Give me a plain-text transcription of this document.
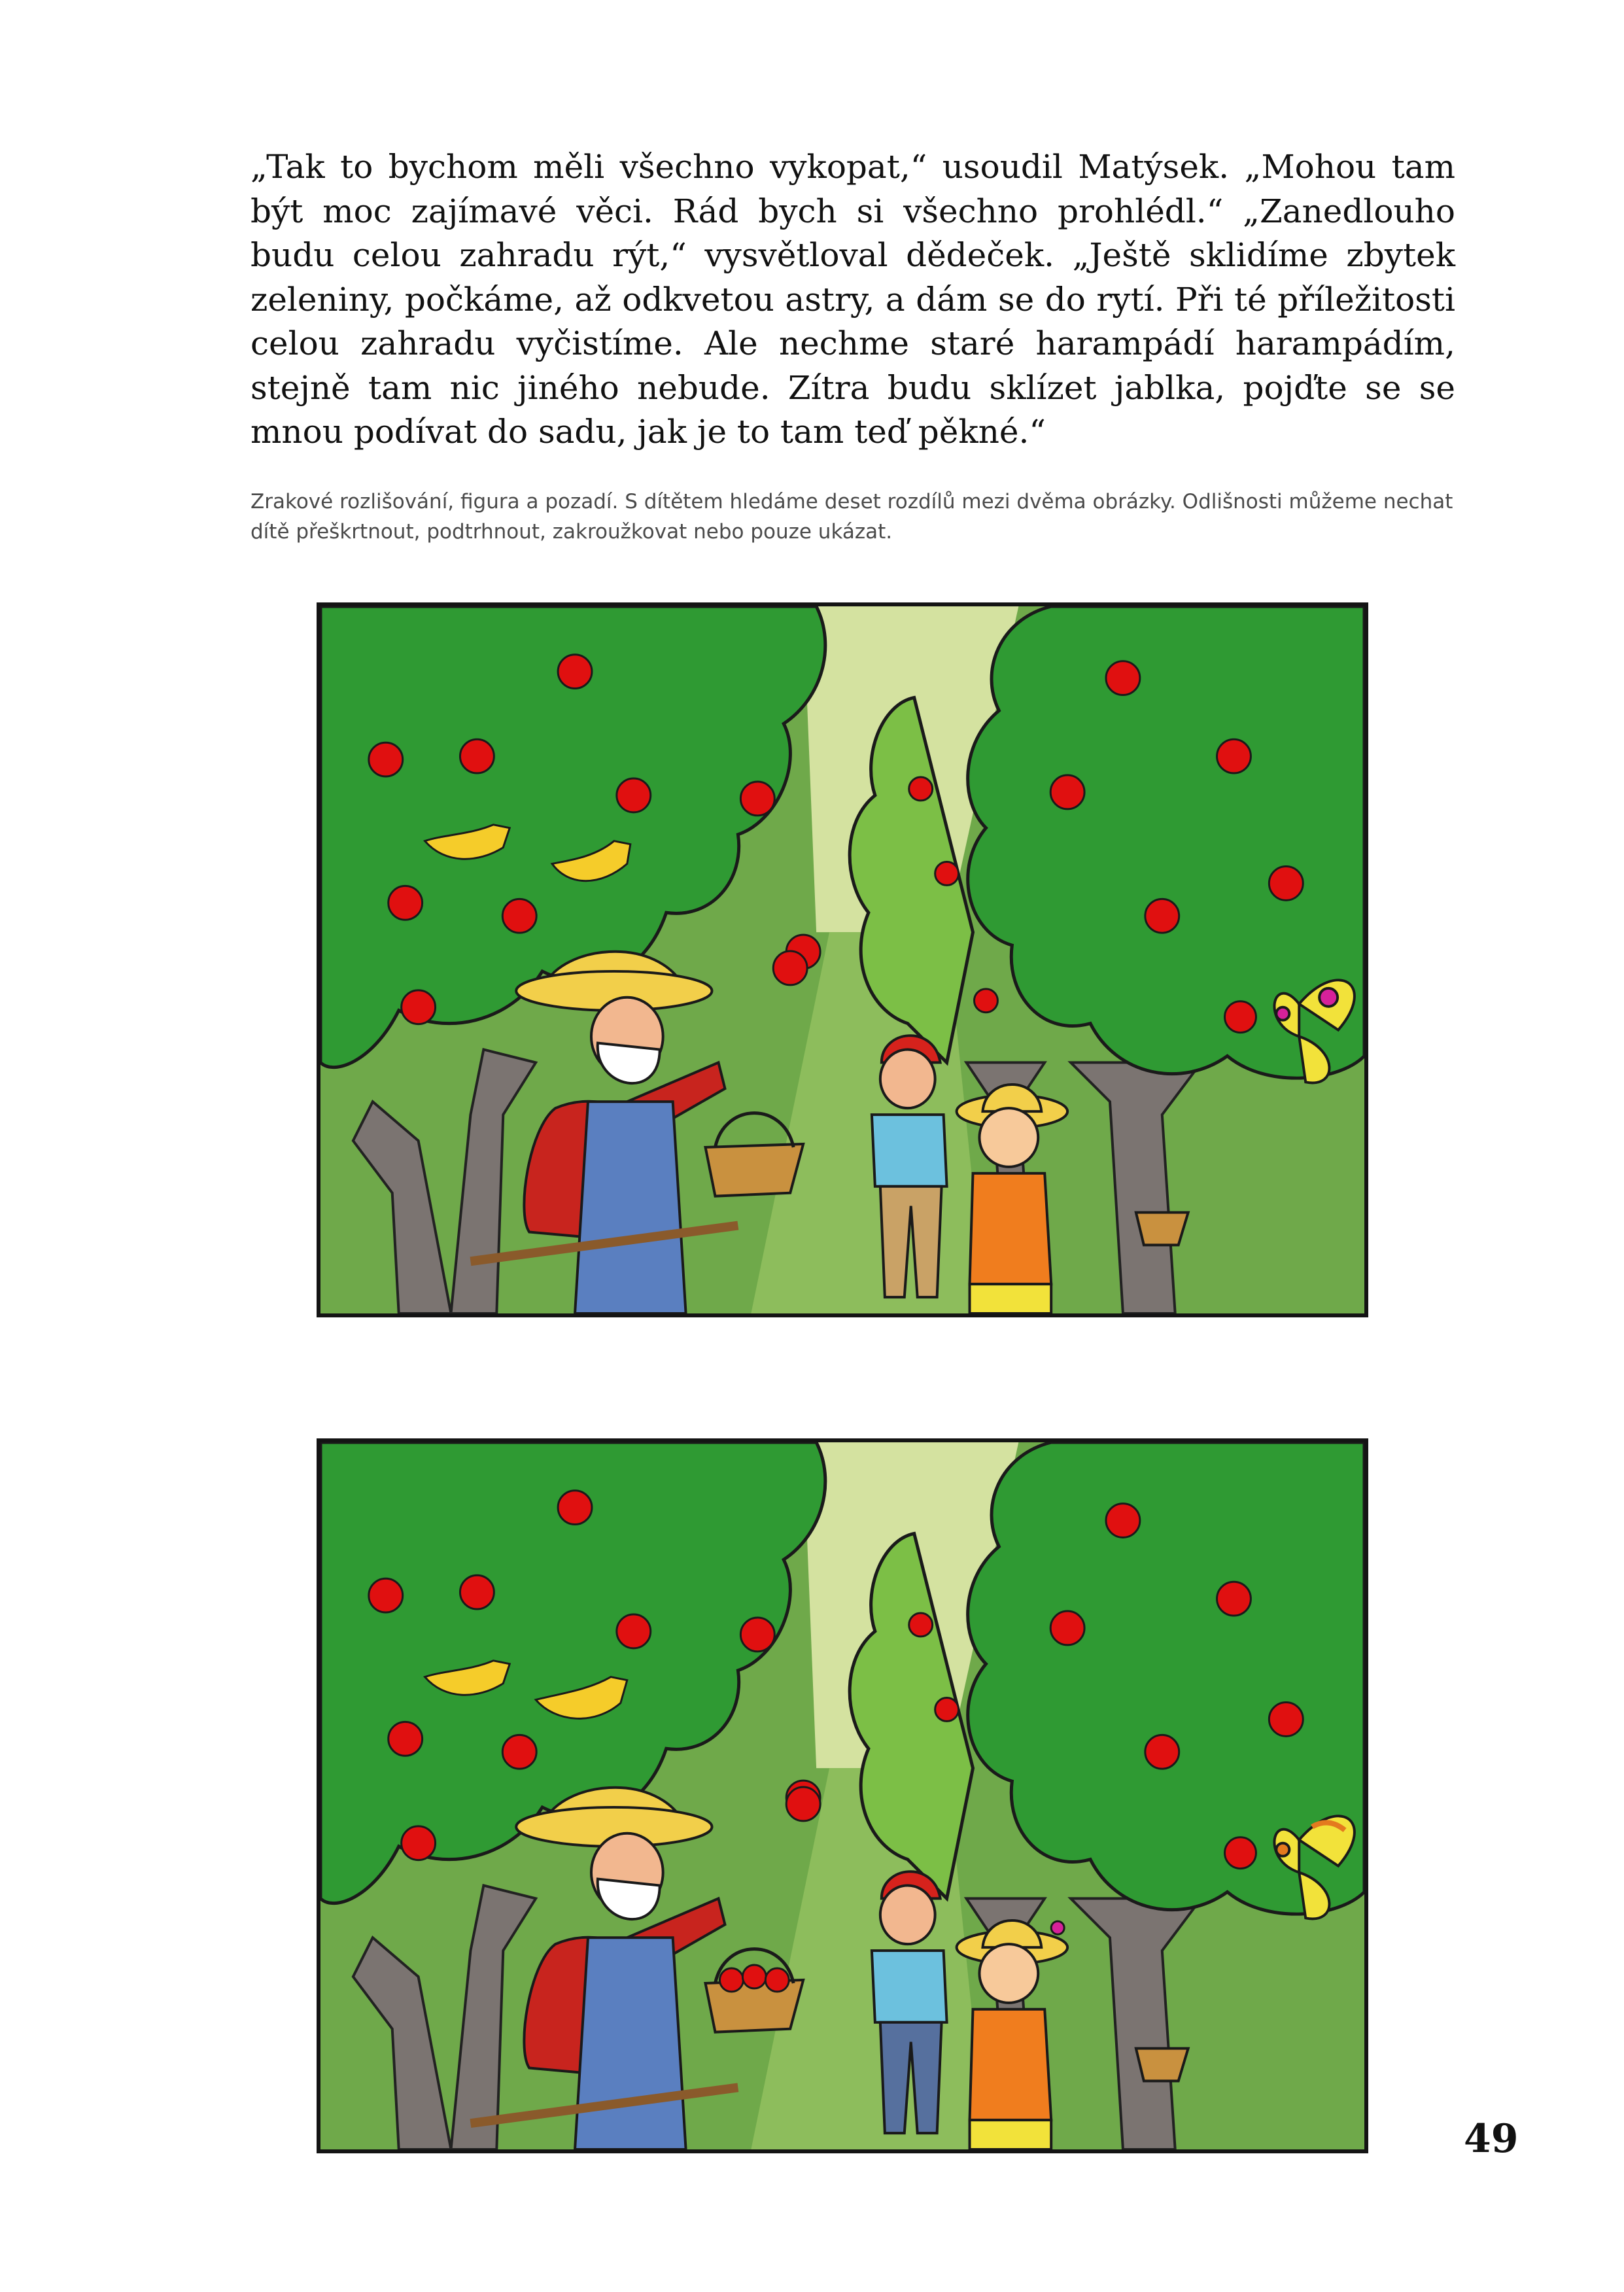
„Tak to bychom měli všechno vykopat,“ usoudil Matýsek. „Mohou tam být moc zajímavé věci. Rád bych si všechno prohlédl.“ „Zanedlouho budu celou zahradu rýt,“ vysvětloval dědeček. „Ještě sklidíme zbytek zeleniny, počkáme, až odkvetou astry, a dám se do rytí. Při té příležitosti celou zahradu vyčistíme. Ale nechme staré harampádí harampádím, stejně tam nic jiného nebude. Zítra budu sklízet jablka, pojďte se se mnou podívat do sadu, jak je to tam teď pěkné.“

Zrakové rozlišování, figura a pozadí. S dítětem hledáme deset rozdílů mezi dvěma obrázky. Odlišnosti můžeme nechat dítě přeškrtnout, podtrhnout, zakroužkovat nebo pouze ukázat.

49
